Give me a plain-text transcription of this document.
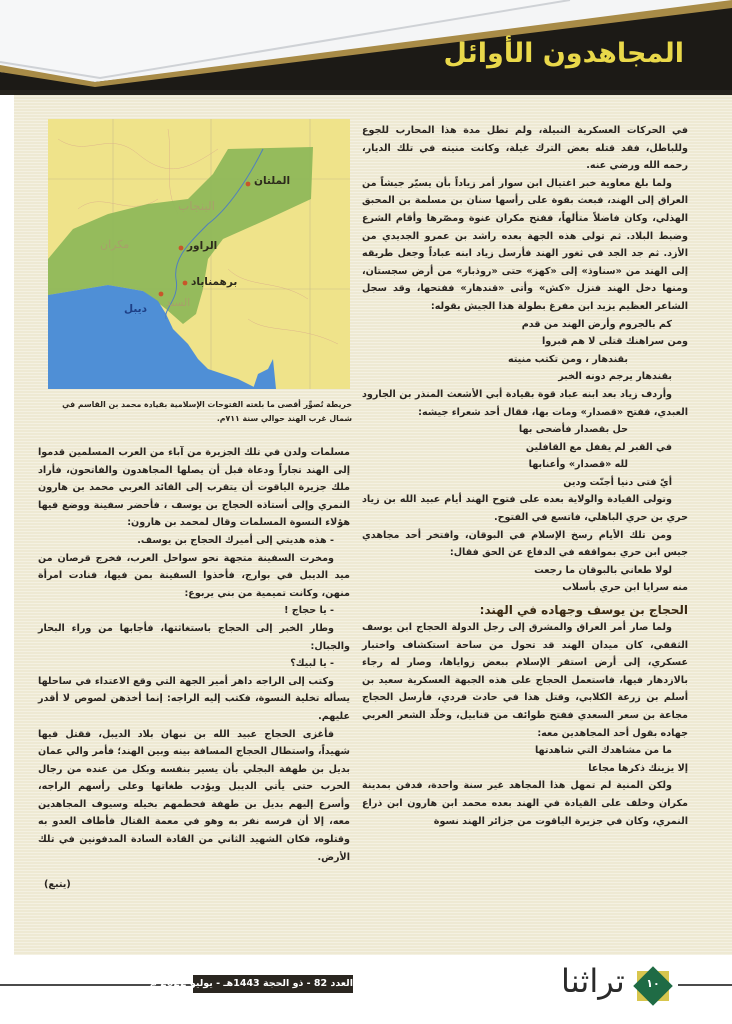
المجاهدون الأوائل
الملتان
البنجاب
مكران	الراور
برهمناباد
السند
ديبل
خريطة تُصوِّر أقصى ما بلغته الفتوحات الإسلامية بقيادة محمد بن القاسم في شمال غرب الهند حوالي سنة ٧١١م.

في الحركات العسكرية النبيلة، ولم تطل مدة هذا المحارب للجوع وللباطل، فقد قتله بعض الترك غيلة، وكانت منيته في تلك الديار، رحمه الله ورضي عنه.

ولما بلغ معاوية خبر اغتيال ابن سوار أمر زياداً بأن يسيّر جيشاً من العراق إلى الهند، فبعث بقوة على رأسها سنان بن مسلمة بن المحبق الهذلي، وكان فاضلاً متألهاً، ففتح مكران عنوة ومصّرها وأقام الشرع وضبط البلاد. ثم تولى هذه الجهة بعده راشد بن عمرو الجديدي من الأزد. ثم جد الجد في ثغور الهند فأرسل زياد ابنه عباداً وجعل طريقه إلى الهند من «سناوذ» إلى «كهز» حتى «روذبار» من أرض سجستان، ومنها دخل الهند فنزل «كش» وأتى «قندهار» ففتحها، وقد سجل الشاعر العظيم يزيد ابن مفرغ بطولة هذا الجيش بقوله:

كم بالجروم وأرض الهند من قدم

ومن سراهنك قتلى لا هم قبروا

بقندهار ، ومن تكتب منيته

بقندهار يرجم دونه الخبر

وأردف زياد بعد ابنه عباد قوة بقيادة أبي الأشعث المنذر بن الجارود العبدي، ففتح «قصدار» ومات بها، فقال أحد شعراء جيشه:

حل بقصدار فأضحى بها

في القبر لم يقفل مع القافلين

لله «قصدار» وأعنابها

أيّ فتى دنيا أجنّت ودين

وتولى القيادة والولاية بعده على فتوح الهند أيام عبيد الله بن زياد حري بن حري الباهلي، فاتسع في الفتوح.

ومن تلك الأيام رسخ الإسلام في البوقان، وافتخر أحد مجاهدي جيس ابن حري بمواقفه في الدفاع عن الحق فقال:

لولا طعاني بالبوقان ما رجعت

منه سرايا ابن حري بأسلاب

الحجاج بن يوسف وجهاده في الهند:

ولما صار أمر العراق والمشرق إلى رجل الدولة الحجاج ابن يوسف الثقفي، كان ميدان الهند قد تحول من ساحة استكشاف واختبار عسكري، إلى أرض استقر الإسلام ببعض زواياها، وصار له رجاء بالازدهار فيها، فاستعمل الحجاج على هذه الجبهة العسكرية سعيد بن أسلم بن زرعة الكلابي، وقتل هذا في حادث فردي، فأرسل الحجاج مجاعة بن سعر السعدي ففتح طوائف من قنابيل، وخلّد الشعر العربي جهاده بقول أحد المجاهدين معه:

ما من مشاهدك التي شاهدتها

إلا يزينك ذكرها مجاعا

ولكن المنية لم تمهل هذا المجاهد غير سنة واحدة، فدفن بمدينة مكران وخلف على القيادة في الهند بعده محمد ابن هارون ابن ذراع النمري، وكان في جزيرة الياقوت من جزائر الهند نسوة

مسلمات ولدن في تلك الجزيرة من آباء من العرب المسلمين قدموا إلى الهند تجاراً ودعاة قبل أن يصلها المجاهدون والفاتحون، فأراد ملك جزيرة الياقوت أن يتقرب إلى القائد العربي محمد بن هارون النمري وإلى أستاذه الحجاج بن يوسف ، فأحضر سفينة ووضع فيها هؤلاء النسوة المسلمات وقال لمحمد بن هارون:

- هذه هديتي إلى أميرك الحجاج بن يوسف.

ومخرت السفينة متجهة نحو سواحل العرب، فخرج قرصان من ميد الديبل في بوارج، فأخذوا السفينة بمن فيها، فنادت امرأة منهن، وكانت تميمية من بني يربوع:

- يا حجاج !

وطار الخبر إلى الحجاج باستغاثتها، فأجابها من وراء البحار والجبال:

- يا لبيك؟

وكتب إلى الراجه داهر أمير الجهة التي وقع الاعتداء في ساحلها يسأله تخلية النسوة، فكتب إليه الراجه: إنما أخذهن لصوص لا أقدر عليهم.

فأغزى الحجاج عبيد الله بن نبهان بلاد الديبل، فقتل فيها شهيداً، واستطال الحجاج المسافة بينه وبين الهند؛ فأمر والي عمان بديل بن طهفة البجلي بأن يسير بنفسه وبكل من عنده من رجال الحرب حتى يأتي الديبل ويؤدب طغاتها وعلى رأسهم الراجه، وأسرع إليهم بديل بن طهفة فحطمهم بخيله وسيوف المجاهدين معه، إلا أن فرسه نفر به وهو في معمة القتال فأطاف العدو به وقتلوه، فكان الشهيد الثاني من القادة السادة المدفونين في تلك الأرض.

(يتبع)

العدد 82 - ذو الحجة 1443هـ - يوليو 2022 م	تراثنا	١٠
